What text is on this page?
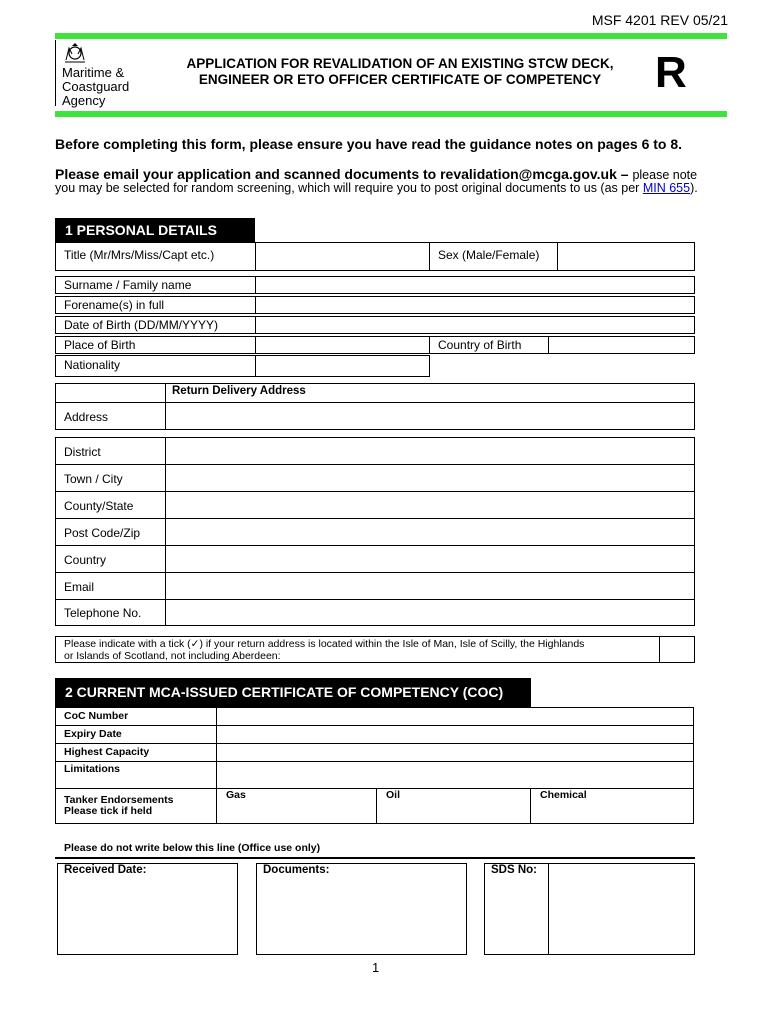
MSF 4201 REV 05/21
Maritime &
Coastguard
Agency
APPLICATION FOR REVALIDATION OF AN EXISTING STCW DECK,
ENGINEER OR ETO OFFICER CERTIFICATE OF COMPETENCY	R
Before completing this form, please ensure you have read the guidance notes on pages 6 to 8.
Please email your application and scanned documents to revalidation@mcga.gov.uk – please note
you may be selected for random screening, which will require you to post original documents to us (as per MIN 655).
1 PERSONAL DETAILS
Title (Mr/Mrs/Miss/Capt etc.)	Sex (Male/Female)
Surname / Family name
Forename(s) in full
Date of Birth (DD/MM/YYYY)
Place of Birth	Country of Birth
Nationality
Return Delivery Address
Address
District
Town / City
County/State
Post Code/Zip
Country
Email
Telephone No.
Please indicate with a tick (✓) if your return address is located within the Isle of Man, Isle of Scilly, the Highlands
or Islands of Scotland, not including Aberdeen:
2 CURRENT MCA-ISSUED CERTIFICATE OF COMPETENCY (COC)
CoC Number
Expiry Date
Highest Capacity
Limitations
Tanker Endorsements
Please tick if held
Gas	Oil	Chemical
Please do not write below this line (Office use only)
Received Date:	Documents:	SDS No:
1
